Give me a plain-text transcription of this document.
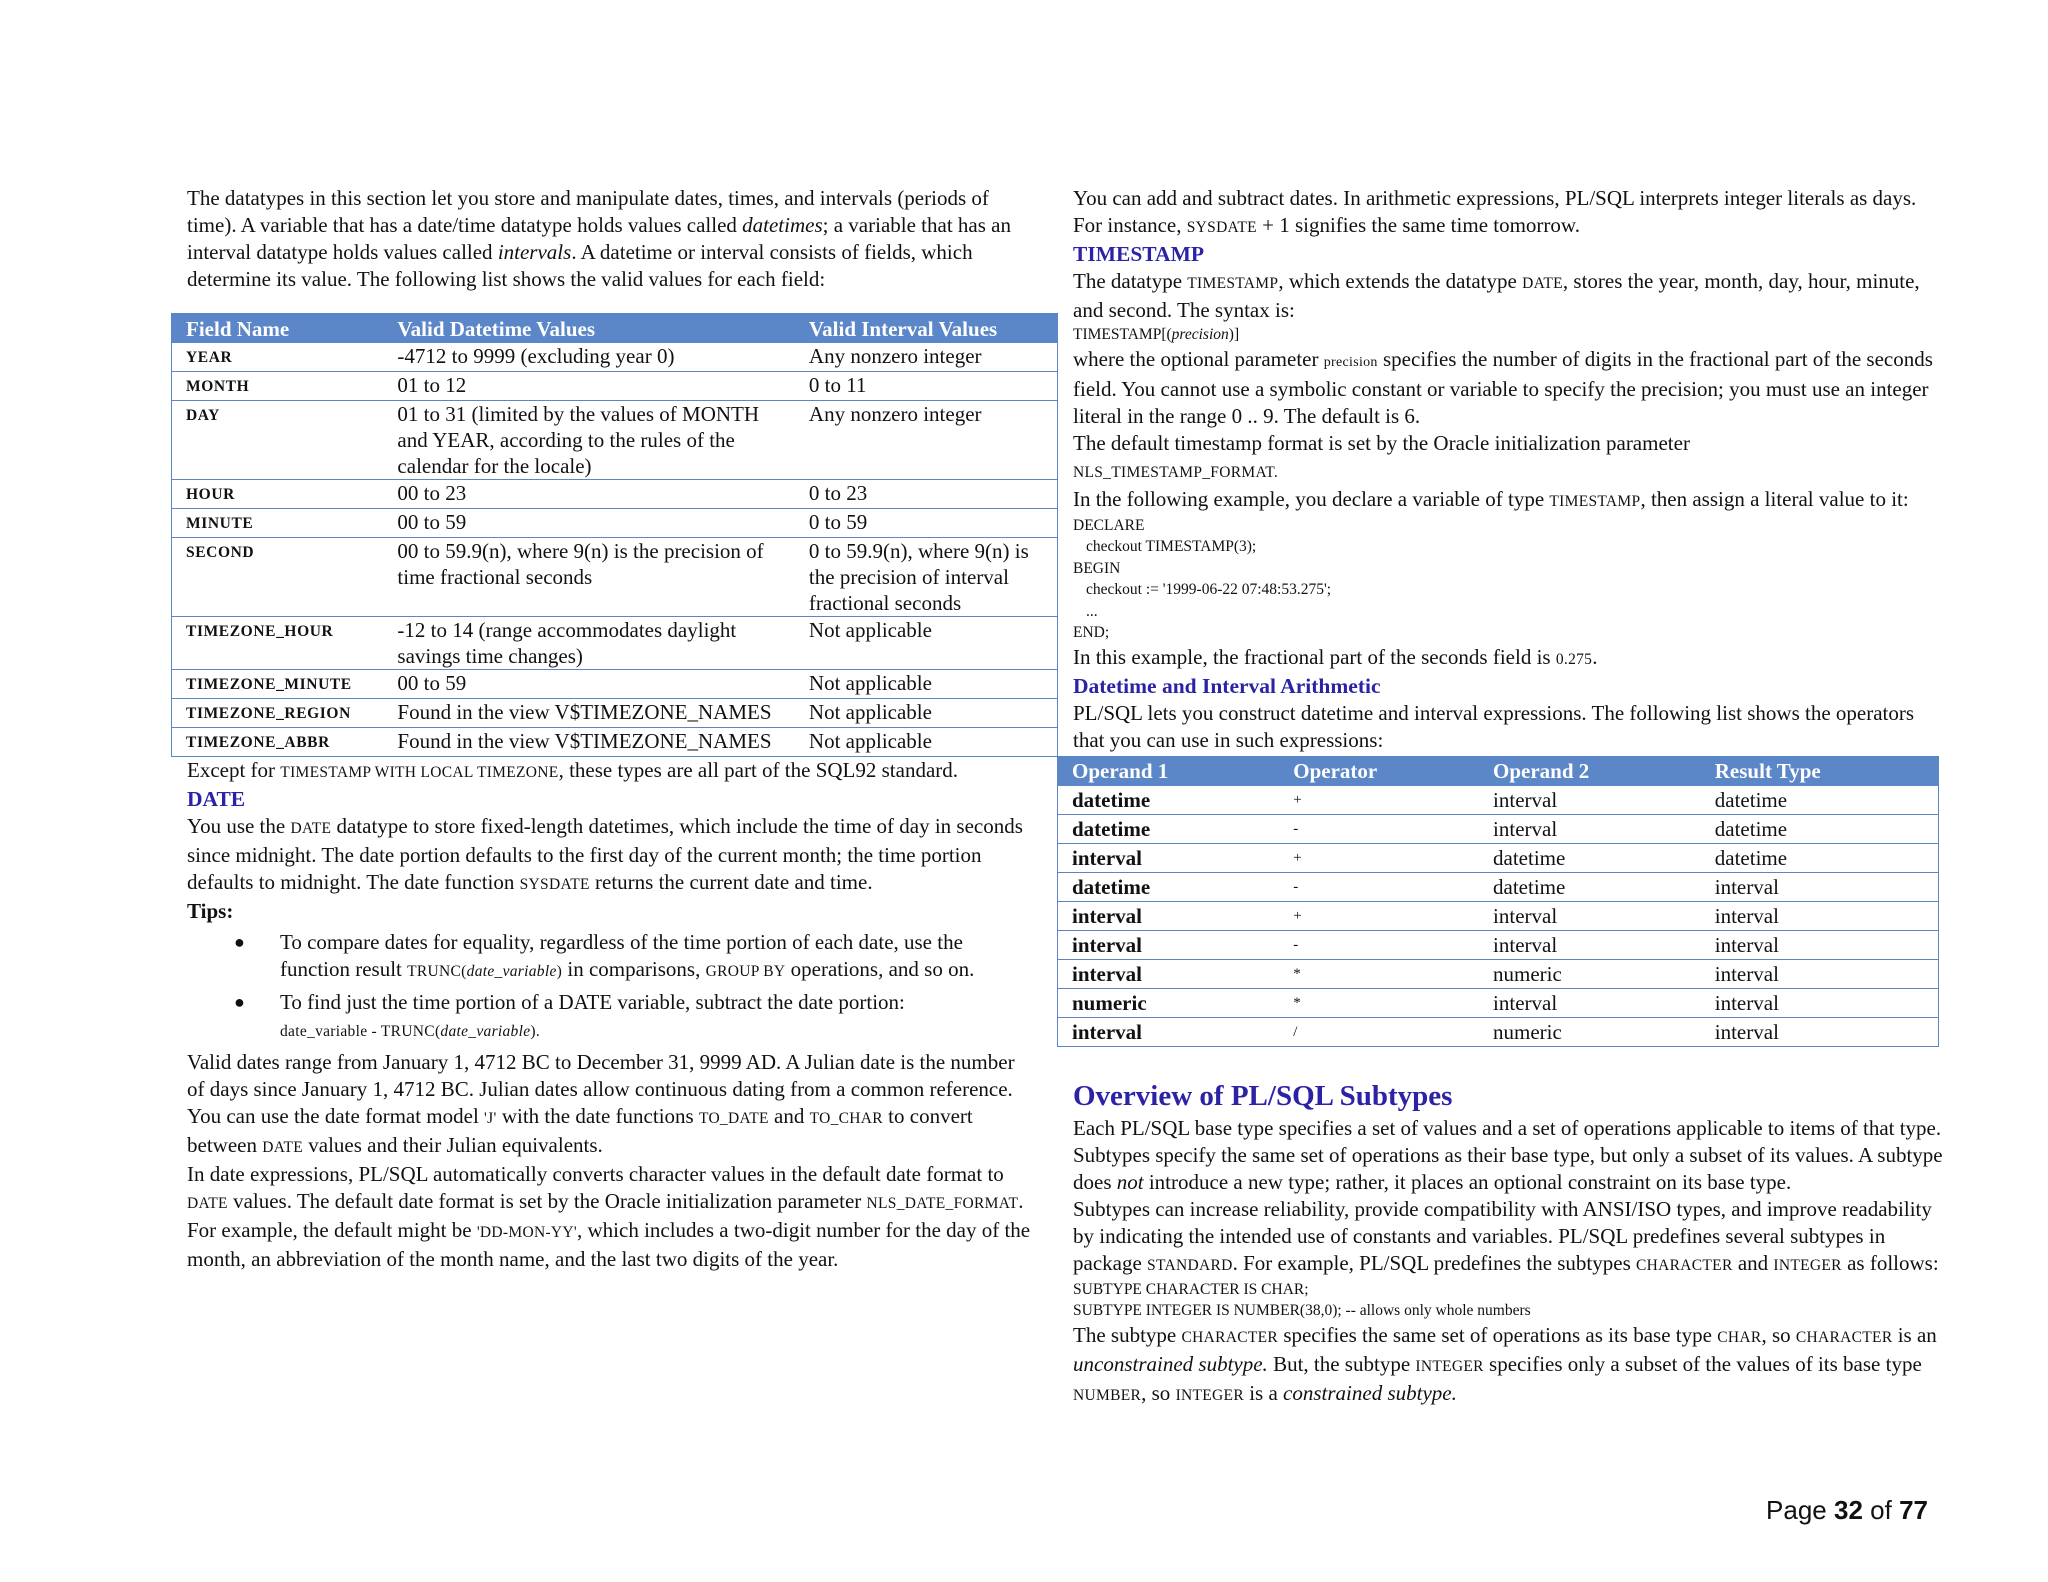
The datatypes in this section let you store and manipulate dates, times, and intervals (periods of time). A variable that has a date/time datatype holds values called datetimes; a variable that has an interval datatype holds values called intervals. A datetime or interval consists of fields, which determine its value. The following list shows the valid values for each field:

Field Name	Valid Datetime Values	Valid Interval Values
YEAR	-4712 to 9999 (excluding year 0)	Any nonzero integer
MONTH	01 to 12	0 to 11
DAY	01 to 31 (limited by the values of MONTH and YEAR, according to the rules of the calendar for the locale)	Any nonzero integer
HOUR	00 to 23	0 to 23
MINUTE	00 to 59	0 to 59
SECOND	00 to 59.9(n), where 9(n) is the precision of time fractional seconds	0 to 59.9(n), where 9(n) is the precision of interval fractional seconds
TIMEZONE_HOUR	-12 to 14 (range accommodates daylight savings time changes)	Not applicable
TIMEZONE_MINUTE	00 to 59	Not applicable
TIMEZONE_REGION	Found in the view V$TIMEZONE_NAMES	Not applicable
TIMEZONE_ABBR	Found in the view V$TIMEZONE_NAMES	Not applicable

Except for TIMESTAMP WITH LOCAL TIMEZONE, these types are all part of the SQL92 standard.

DATE

You use the DATE datatype to store fixed-length datetimes, which include the time of day in seconds since midnight. The date portion defaults to the first day of the current month; the time portion defaults to midnight. The date function SYSDATE returns the current date and time.

Tips:

● To compare dates for equality, regardless of the time portion of each date, use the function result TRUNC(date_variable) in comparisons, GROUP BY operations, and so on.
● To find just the time portion of a DATE variable, subtract the date portion:
date_variable - TRUNC(date_variable).

Valid dates range from January 1, 4712 BC to December 31, 9999 AD. A Julian date is the number of days since January 1, 4712 BC. Julian dates allow continuous dating from a common reference. You can use the date format model 'J' with the date functions TO_DATE and TO_CHAR to convert between DATE values and their Julian equivalents.

In date expressions, PL/SQL automatically converts character values in the default date format to DATE values. The default date format is set by the Oracle initialization parameter NLS_DATE_FORMAT. For example, the default might be 'DD-MON-YY', which includes a two-digit number for the day of the month, an abbreviation of the month name, and the last two digits of the year.

You can add and subtract dates. In arithmetic expressions, PL/SQL interprets integer literals as days. For instance, SYSDATE + 1 signifies the same time tomorrow.

TIMESTAMP

The datatype TIMESTAMP, which extends the datatype DATE, stores the year, month, day, hour, minute, and second. The syntax is:

TIMESTAMP[(precision)]

where the optional parameter precision specifies the number of digits in the fractional part of the seconds field. You cannot use a symbolic constant or variable to specify the precision; you must use an integer literal in the range 0 .. 9. The default is 6.

The default timestamp format is set by the Oracle initialization parameter
NLS_TIMESTAMP_FORMAT.

In the following example, you declare a variable of type TIMESTAMP, then assign a literal value to it:

DECLARE
checkout TIMESTAMP(3);
BEGIN
checkout := '1999-06-22 07:48:53.275';
...
END;

In this example, the fractional part of the seconds field is 0.275.

Datetime and Interval Arithmetic

PL/SQL lets you construct datetime and interval expressions. The following list shows the operators that you can use in such expressions:

Operand 1	Operator	Operand 2	Result Type
datetime	+	interval	datetime
datetime	-	interval	datetime
interval	+	datetime	datetime
datetime	-	datetime	interval
interval	+	interval	interval
interval	-	interval	interval
interval	*	numeric	interval
numeric	*	interval	interval
interval	/	numeric	interval

Overview of PL/SQL Subtypes

Each PL/SQL base type specifies a set of values and a set of operations applicable to items of that type. Subtypes specify the same set of operations as their base type, but only a subset of its values. A subtype does not introduce a new type; rather, it places an optional constraint on its base type.

Subtypes can increase reliability, provide compatibility with ANSI/ISO types, and improve readability by indicating the intended use of constants and variables. PL/SQL predefines several subtypes in package STANDARD. For example, PL/SQL predefines the subtypes CHARACTER and INTEGER as follows:

SUBTYPE CHARACTER IS CHAR;
SUBTYPE INTEGER IS NUMBER(38,0); -- allows only whole numbers

The subtype CHARACTER specifies the same set of operations as its base type CHAR, so CHARACTER is an unconstrained subtype. But, the subtype INTEGER specifies only a subset of the values of its base type NUMBER, so INTEGER is a constrained subtype.

Page 32 of 77
